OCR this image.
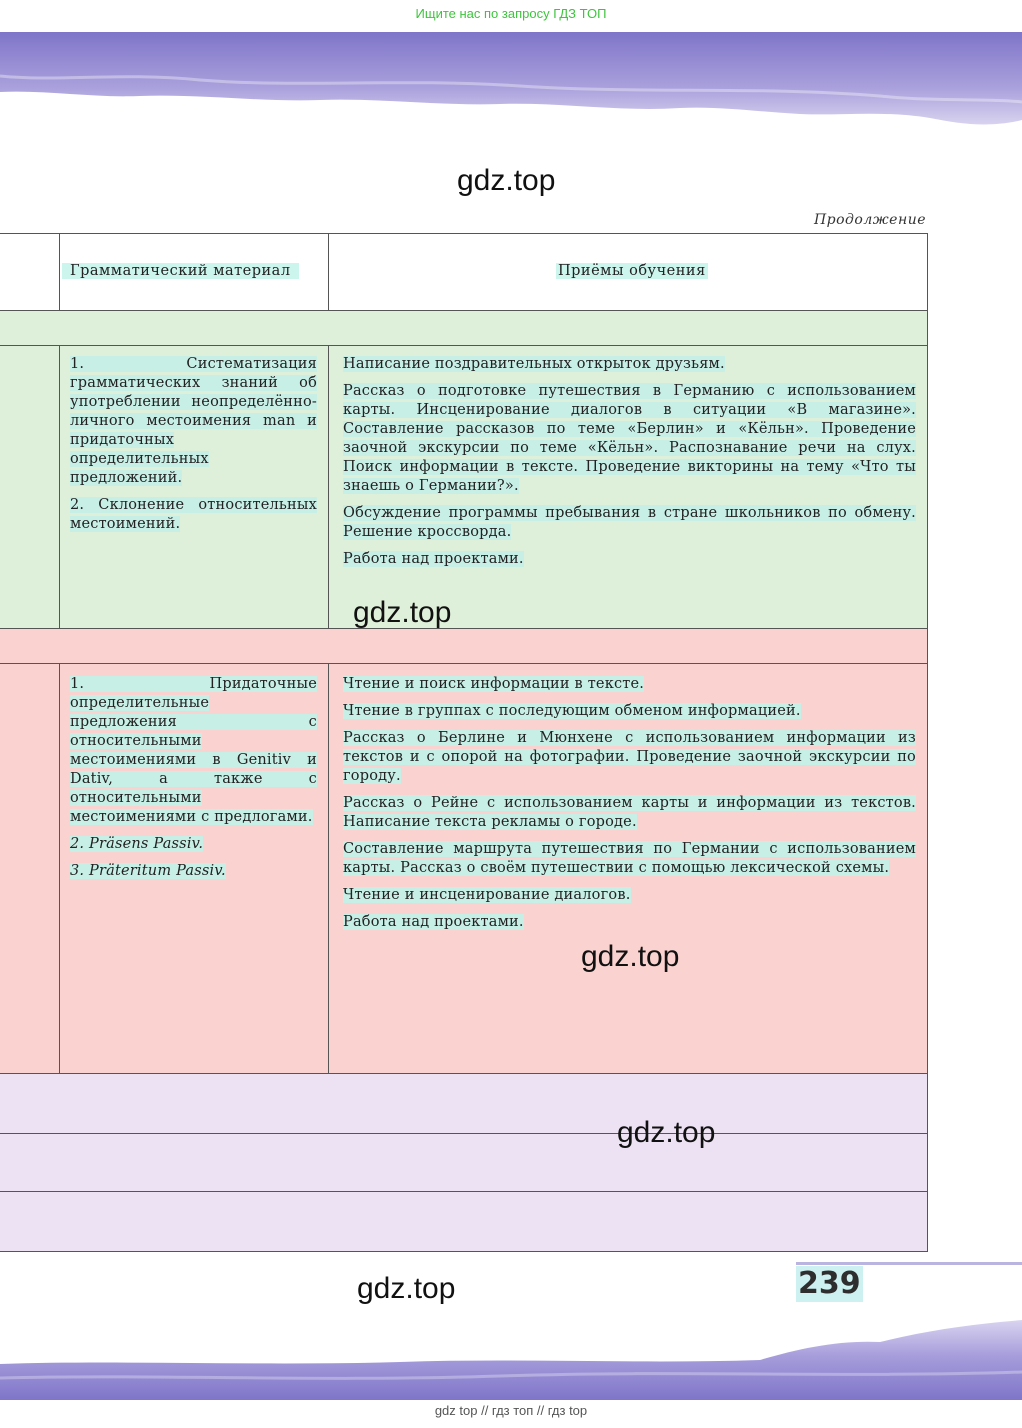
Ищите нас по запросу ГДЗ ТОП
gdz.top
Продолжение
Грамматический материал	Приёмы обучения

1. Систематизация грамматических знаний об употреблении неопределённо-личного местоимения man и придаточных определительных предложений.

2. Склонение относительных местоимений.

Написание поздравительных открыток друзьям.

Рассказ о подготовке путешествия в Германию с использованием карты. Инсценирование диалогов в ситуации «В магазине». Составление рассказов по теме «Берлин» и «Кёльн». Проведение заочной экскурсии по теме «Кёльн». Распознавание речи на слух. Поиск информации в тексте. Проведение викторины на тему «Что ты знаешь о Германии?».

Обсуждение программы пребывания в стране школьников по обмену. Решение кроссворда.

Работа над проектами.

1. Придаточные определительные предложения с относительными местоимениями в Genitiv и Dativ, а также с относительными местоимениями с предлогами.

2. Präsens Passiv.

3. Präteritum Passiv.

Чтение и поиск информации в тексте.

Чтение в группах с последующим обменом информацией.

Рассказ о Берлине и Мюнхене с использованием информации из текстов и с опорой на фотографии. Проведение заочной экскурсии по городу.

Рассказ о Рейне с использованием карты и информации из текстов. Написание текста рекламы о городе.

Составление маршрута путешествия по Германии с использованием карты. Рассказ о своём путешествии с помощью лексической схемы.

Чтение и инсценирование диалогов.

Работа над проектами.

gdz.top
gdz.top
gdz.top
gdz.top	239
gdz top // гдз топ // гдз top
